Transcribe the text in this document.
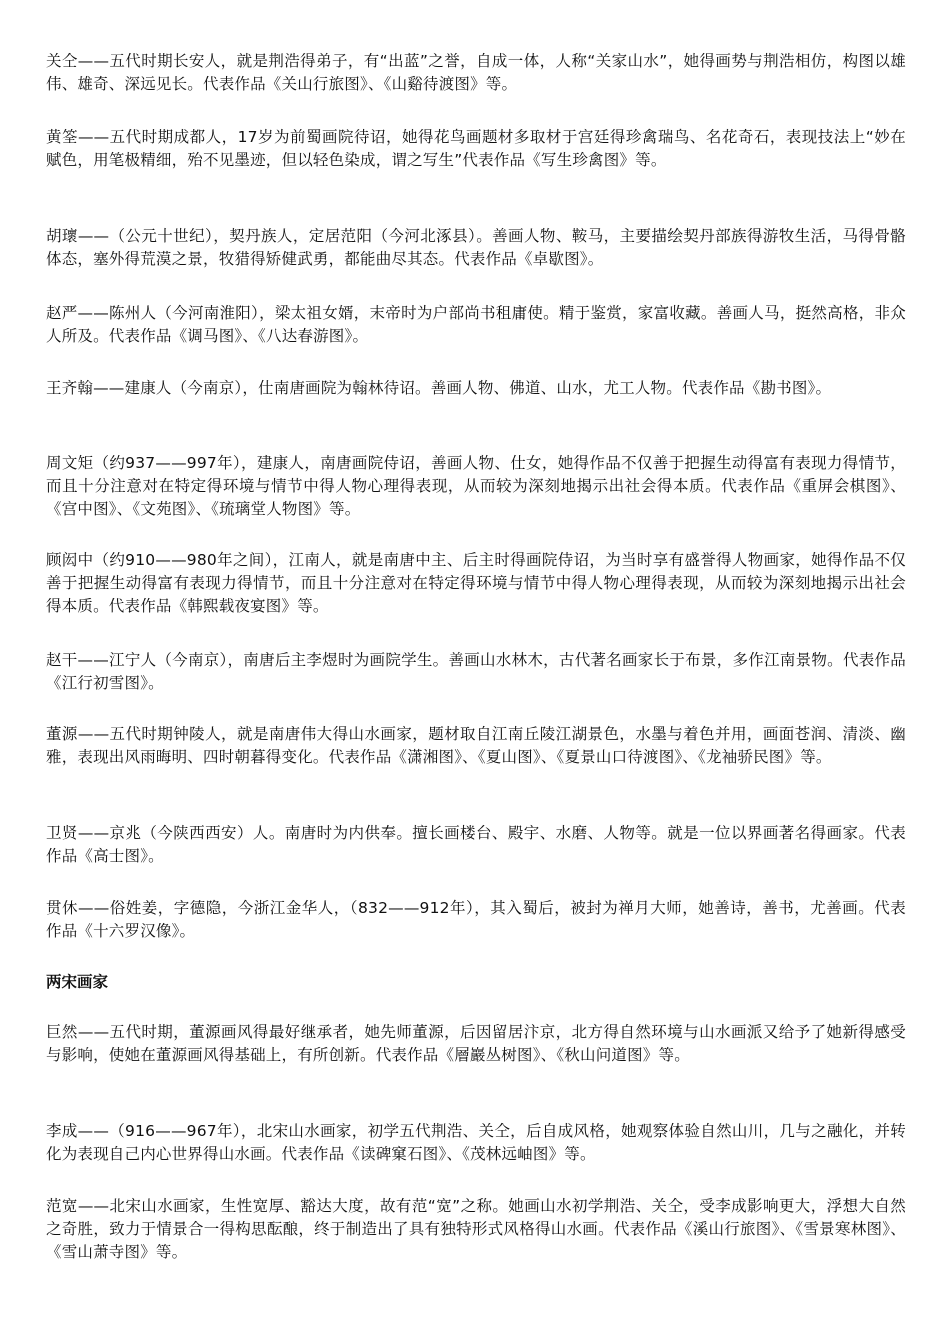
关仝——五代时期长安人，就是荆浩得弟子，有“出蓝”之誉，自成一体，人称“关家山水”，她得画势与荆浩相仿，构图以雄伟、雄奇、深远见长。代表作品《关山行旅图》、《山谿待渡图》等。

黄筌——五代时期成都人，17岁为前蜀画院待诏，她得花鸟画题材多取材于宫廷得珍禽瑞鸟、名花奇石，表现技法上“妙在赋色，用笔极精细，殆不见墨迹，但以轻色染成，谓之写生”代表作品《写生珍禽图》等。

胡瓌——（公元十世纪），契丹族人，定居范阳（今河北涿县）。善画人物、鞍马，主要描绘契丹部族得游牧生活，马得骨骼体态，塞外得荒漠之景，牧猎得矫健武勇，都能曲尽其态。代表作品《卓歇图》。

赵严——陈州人（今河南淮阳），梁太祖女婿，末帝时为户部尚书租庸使。精于鉴赏，家富收藏。善画人马，挺然高格，非众人所及。代表作品《调马图》、《八达春游图》。

王齐翰——建康人（今南京），仕南唐画院为翰林待诏。善画人物、佛道、山水，尤工人物。代表作品《勘书图》。

周文矩（约937——997年），建康人，南唐画院侍诏，善画人物、仕女，她得作品不仅善于把握生动得富有表现力得情节，而且十分注意对在特定得环境与情节中得人物心理得表现，从而较为深刻地揭示出社会得本质。代表作品《重屏会棋图》、《宫中图》、《文苑图》、《琉璃堂人物图》等。

顾闳中（约910——980年之间），江南人，就是南唐中主、后主时得画院侍诏，为当时享有盛誉得人物画家，她得作品不仅善于把握生动得富有表现力得情节，而且十分注意对在特定得环境与情节中得人物心理得表现，从而较为深刻地揭示出社会得本质。代表作品《韩熙载夜宴图》等。

赵干——江宁人（今南京），南唐后主李煜时为画院学生。善画山水林木，古代著名画家长于布景，多作江南景物。代表作品《江行初雪图》。

董源——五代时期钟陵人，就是南唐伟大得山水画家，题材取自江南丘陵江湖景色，水墨与着色并用，画面苍润、清淡、幽雅，表现出风雨晦明、四时朝暮得变化。代表作品《潇湘图》、《夏山图》、《夏景山口待渡图》、《龙袖骄民图》等。

卫贤——京兆（今陕西西安）人。南唐时为内供奉。擅长画楼台、殿宇、水磨、人物等。就是一位以界画著名得画家。代表作品《高士图》。

贯休——俗姓姜，字德隐，今浙江金华人，（832——912年），其入蜀后，被封为禅月大师，她善诗，善书，尤善画。代表作品《十六罗汉像》。

两宋画家

巨然——五代时期，董源画风得最好继承者，她先师董源，后因留居汴京，北方得自然环境与山水画派又给予了她新得感受与影响，使她在董源画风得基础上，有所创新。代表作品《層巖丛树图》、《秋山问道图》等。

李成——（916——967年），北宋山水画家，初学五代荆浩、关仝，后自成风格，她观察体验自然山川，几与之融化，并转化为表现自己内心世界得山水画。代表作品《读碑窠石图》、《茂林远岫图》等。

范宽——北宋山水画家，生性宽厚、豁达大度，故有范“宽”之称。她画山水初学荆浩、关仝，受李成影响更大，浮想大自然之奇胜，致力于情景合一得构思酝酿，终于制造出了具有独特形式风格得山水画。代表作品《溪山行旅图》、《雪景寒林图》、《雪山萧寺图》等。
